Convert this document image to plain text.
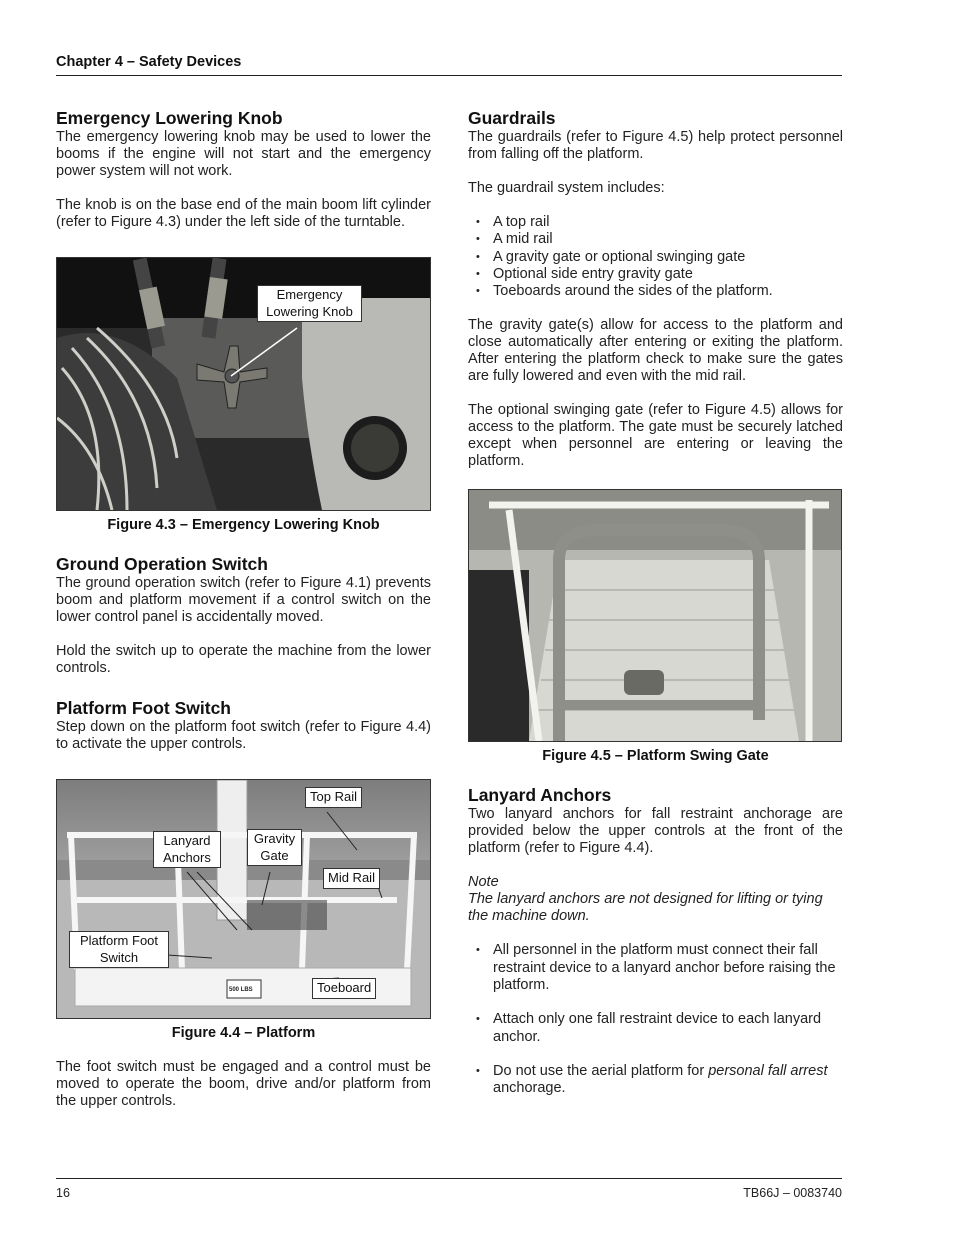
Chapter 4 – Safety Devices
Emergency Lowering Knob

The emergency lowering knob may be used to lower the booms if the engine will not start and the emergency power system will not work.

The knob is on the base end of the main boom lift cylinder (refer to Figure 4.3) under the left side of the turntable.

Emergency Lowering Knob
Figure 4.3 – Emergency Lowering Knob
Ground Operation Switch

The ground operation switch (refer to Figure 4.1) prevents boom and platform movement if a control switch on the lower control panel is accidentally moved.

Hold the switch up to operate the machine from the lower controls.

Platform Foot Switch

Step down on the platform foot switch (refer to Figure 4.4) to activate the upper controls.

Top Rail
Lanyard Anchors
Gravity Gate
Mid Rail
Platform Foot Switch
Toeboard
500 LBS
Figure 4.4 – Platform

The foot switch must be engaged and a control must be moved to operate the boom, drive and/or platform from the upper controls.

Guardrails

The guardrails (refer to Figure 4.5) help protect personnel from falling off the platform.

The guardrail system includes:

• A top rail
• A mid rail
• A gravity gate or optional swinging gate
• Optional side entry gravity gate
• Toeboards around the sides of the platform.

The gravity gate(s) allow for access to the platform and close automatically after entering or exiting the platform. After entering the platform check to make sure the gates are fully lowered and even with the mid rail.

The optional swinging gate (refer to Figure 4.5) allows for access to the platform. The gate must be securely latched except when personnel are entering or leaving the platform.

Figure 4.5 – Platform Swing Gate
Lanyard Anchors

Two lanyard anchors for fall restraint anchorage are provided below the upper controls at the front of the platform (refer to Figure 4.4).

Note

The lanyard anchors are not designed for lifting or tying the machine down.

• All personnel in the platform must connect their fall restraint device to a lanyard anchor before raising the platform.
• Attach only one fall restraint device to each lanyard anchor.
• Do not use the aerial platform for personal fall arrest anchorage.
16	TB66J – 0083740
